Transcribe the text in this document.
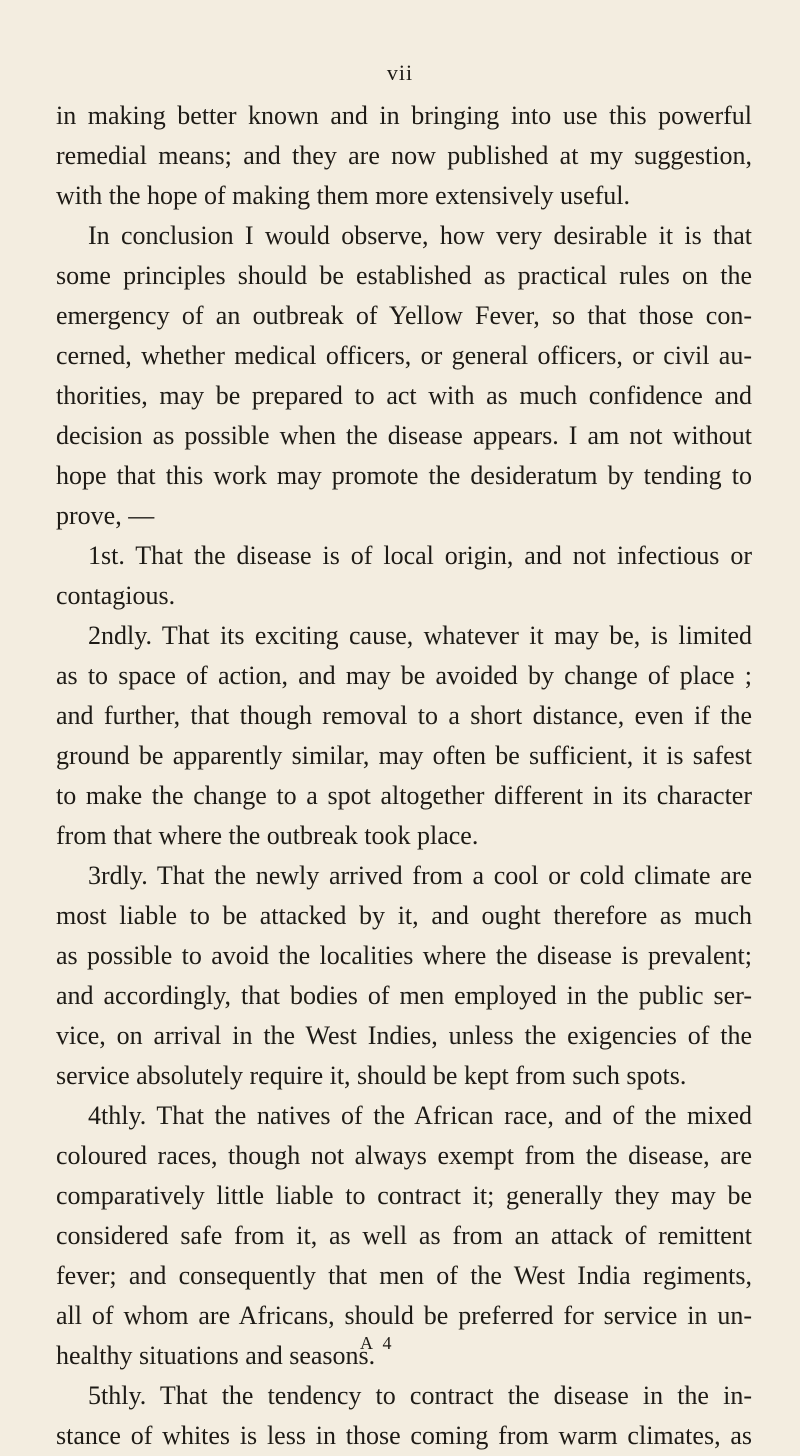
vii
in making better known and in bringing into use this powerful
remedial means; and they are now published at my suggestion,
with the hope of making them more extensively useful.
In conclusion I would observe, how very desirable it is that
some principles should be established as practical rules on the
emergency of an outbreak of Yellow Fever, so that those con-
cerned, whether medical officers, or general officers, or civil au-
thorities, may be prepared to act with as much confidence and
decision as possible when the disease appears. I am not without
hope that this work may promote the desideratum by tending to
prove, —
1st. That the disease is of local origin, and not infectious or
contagious.
2ndly. That its exciting cause, whatever it may be, is limited
as to space of action, and may be avoided by change of place ;
and further, that though removal to a short distance, even if the
ground be apparently similar, may often be sufficient, it is safest
to make the change to a spot altogether different in its character
from that where the outbreak took place.
3rdly. That the newly arrived from a cool or cold climate are
most liable to be attacked by it, and ought therefore as much
as possible to avoid the localities where the disease is prevalent;
and accordingly, that bodies of men employed in the public ser-
vice, on arrival in the West Indies, unless the exigencies of the
service absolutely require it, should be kept from such spots.
4thly. That the natives of the African race, and of the mixed
coloured races, though not always exempt from the disease, are
comparatively little liable to contract it; generally they may be
considered safe from it, as well as from an attack of remittent
fever; and consequently that men of the West India regiments,
all of whom are Africans, should be preferred for service in un-
healthy situations and seasons.
5thly. That the tendency to contract the disease in the in-
stance of whites is less in those coming from warm climates, as
A 4
